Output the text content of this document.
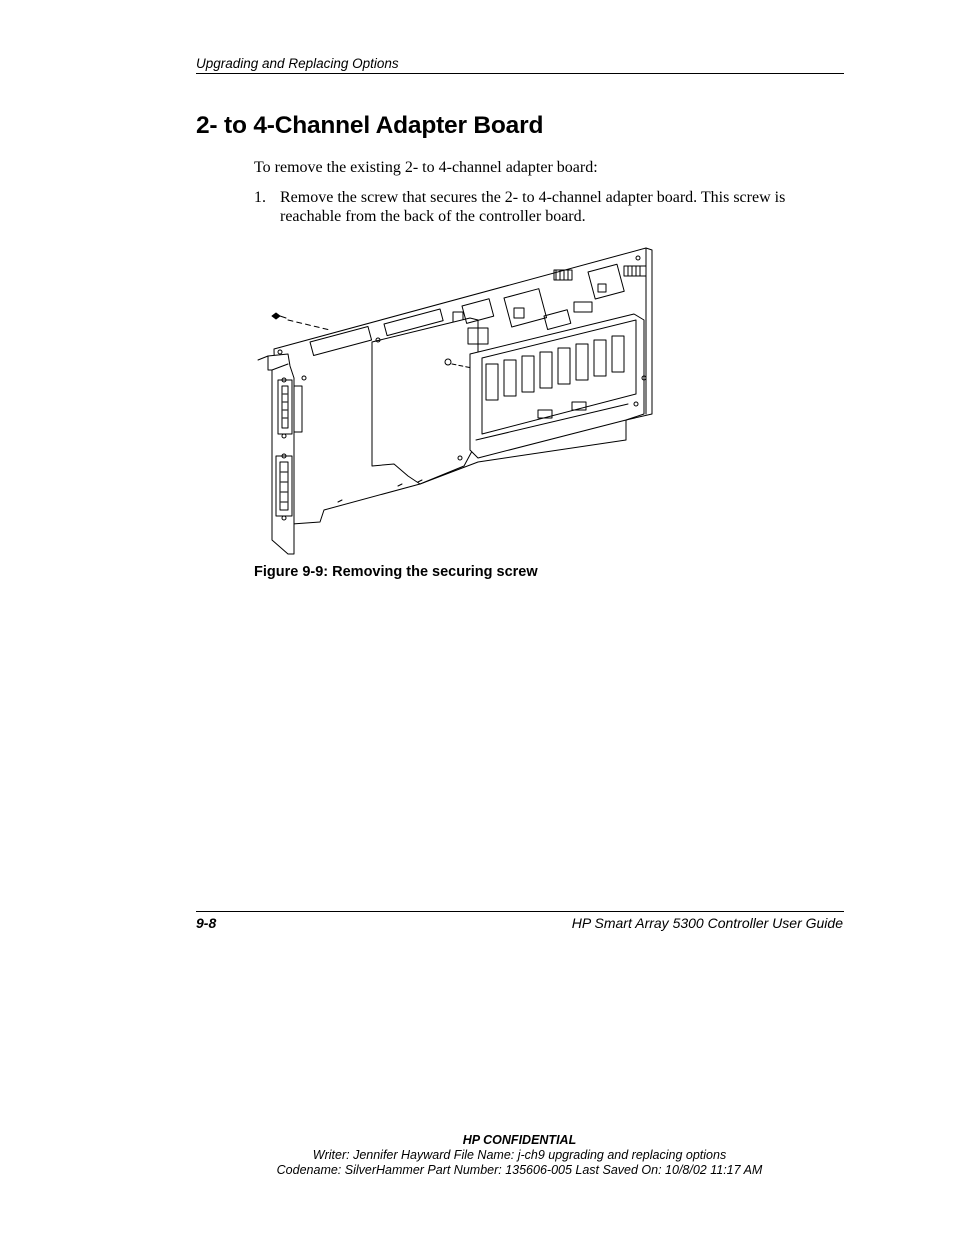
Upgrading and Replacing Options
2- to 4-Channel Adapter Board

To remove the existing 2- to 4-channel adapter board:

1. Remove the screw that secures the 2- to 4-channel adapter board. This screw is reachable from the back of the controller board.
Figure 9-9: Removing the securing screw
9-8	HP Smart Array 5300 Controller User Guide
HP CONFIDENTIAL
Writer: Jennifer Hayward File Name: j-ch9 upgrading and replacing options
Codename: SilverHammer Part Number: 135606-005 Last Saved On: 10/8/02 11:17 AM
